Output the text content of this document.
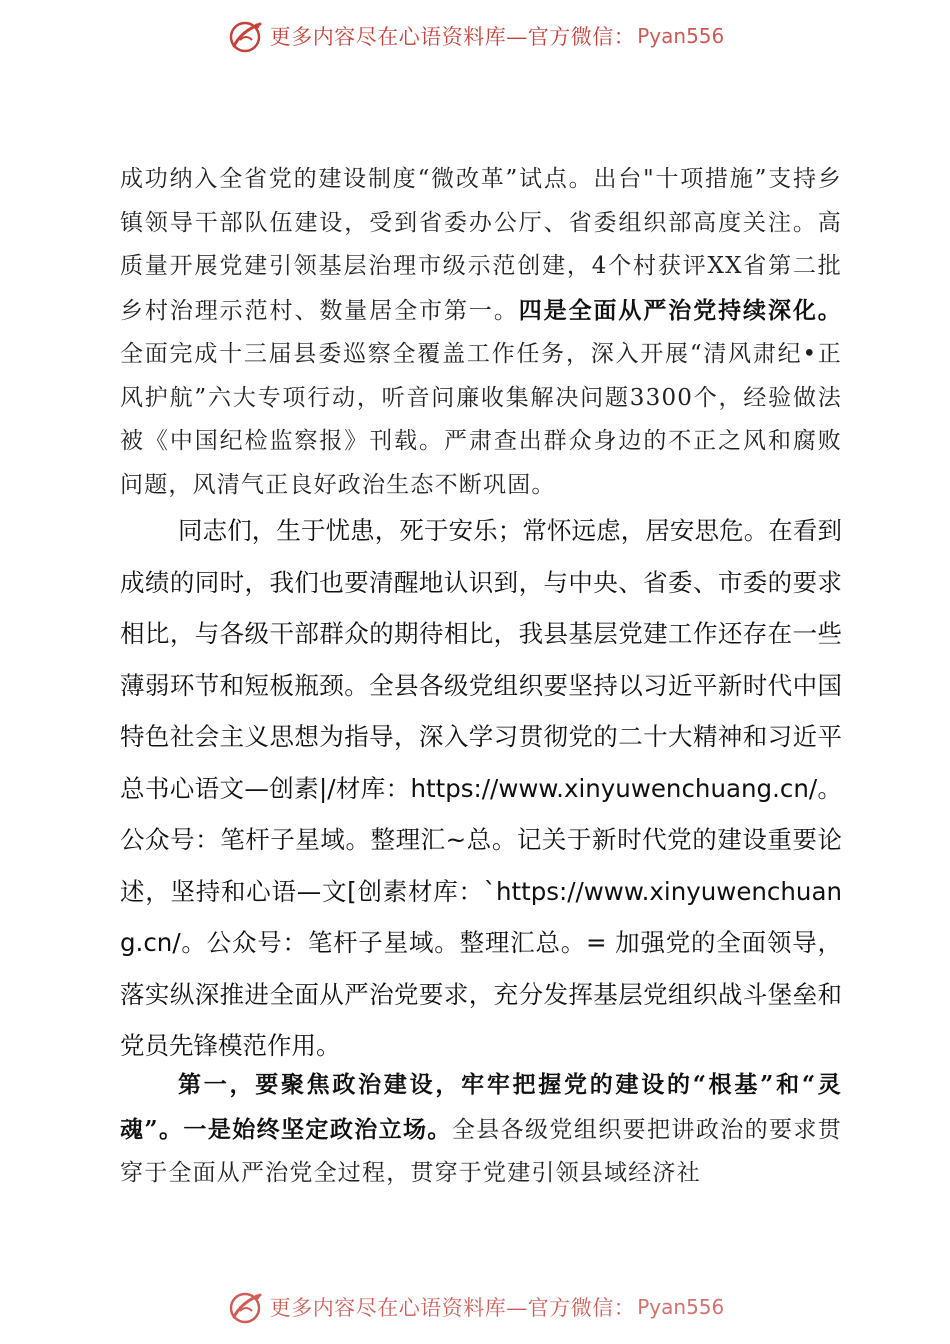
更多内容尽在心语资料库—官方微信： Pyan556

成功纳入全省党的建设制度“微改革”试点。出台"十项措施”支持乡镇领导干部队伍建设，受到省委办公厅、省委组织部高度关注。高质量开展党建引领基层治理市级示范创建，4个村获评XX省第二批乡村治理示范村、数量居全市第一。四是全面从严治党持续深化。全面完成十三届县委巡察全覆盖工作任务，深入开展“清风肃纪•正风护航”六大专项行动，听音问廉收集解决问题3300个，经验做法被《中国纪检监察报》刊载。严肃查出群众身边的不正之风和腐败问题，风清气正良好政治生态不断巩固。

同志们，生于忧患，死于安乐；常怀远虑，居安思危。在看到成绩的同时，我们也要清醒地认识到，与中央、省委、市委的要求相比，与各级干部群众的期待相比，我县基层党建工作还存在一些薄弱环节和短板瓶颈。全县各级党组织要坚持以习近平新时代中国特色社会主义思想为指导，深入学习贯彻党的二十大精神和习近平总书心语文—创素|/材库：https://www.xinyuwenchuang.cn/。公众号：笔杆子星域。整理汇~总。记关于新时代党的建设重要论述，坚持和心语—文[创素材库：`https://www.xinyuwenchuang.cn/。公众号：笔杆子星域。整理汇总。= 加强党的全面领导，落实纵深推进全面从严治党要求，充分发挥基层党组织战斗堡垒和党员先锋模范作用。

第一，要聚焦政治建设，牢牢把握党的建设的“根基”和“灵魂”。一是始终坚定政治立场。全县各级党组织要把讲政治的要求贯穿于全面从严治党全过程，贯穿于党建引领县域经济社

更多内容尽在心语资料库—官方微信： Pyan556
